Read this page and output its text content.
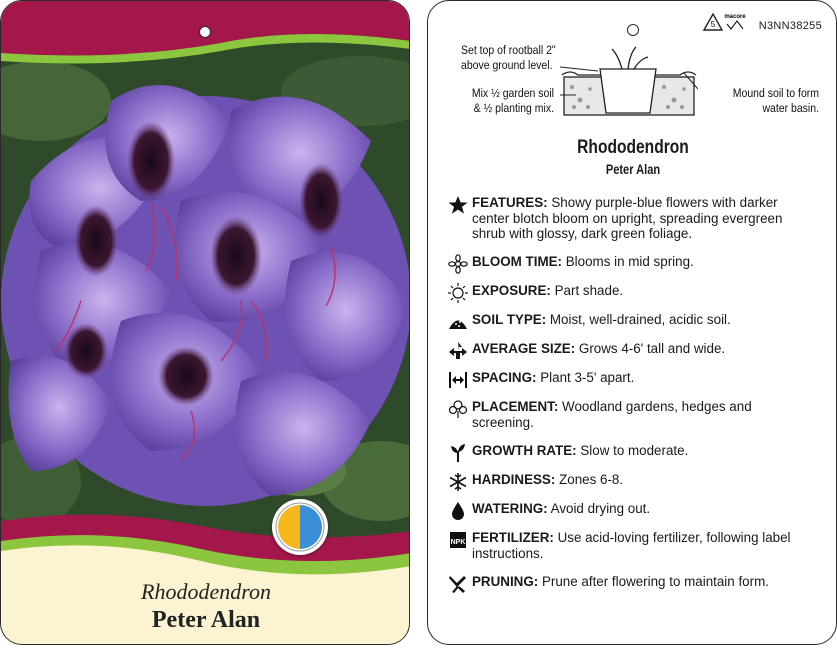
Rhododendron
Peter Alan
5
macore
N3NN38255
Set top of rootball 2"
above ground level.
Mix ½ garden soil
& ½ planting mix.
Mound soil to form
water basin.
Rhododendron
Peter Alan
FEATURES: Showy purple-blue flowers with darker center blotch bloom on upright, spreading evergreen shrub with glossy, dark green foliage.
BLOOM TIME: Blooms in mid spring.
EXPOSURE: Part shade.
SOIL TYPE: Moist, well-drained, acidic soil.
AVERAGE SIZE: Grows 4-6' tall and wide.
SPACING: Plant 3-5' apart.
PLACEMENT: Woodland gardens, hedges and screening.
GROWTH RATE: Slow to moderate.
HARDINESS: Zones 6-8.
WATERING: Avoid drying out.
NPK FERTILIZER: Use acid-loving fertilizer, following label instructions.
PRUNING: Prune after flowering to maintain form.
